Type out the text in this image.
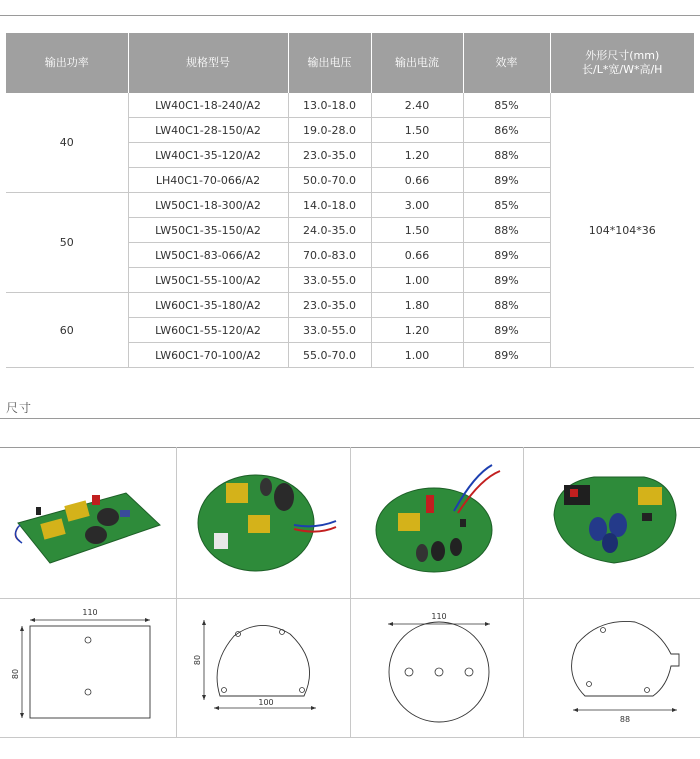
输出功率	规格型号	输出电压	输出电流	效率	外形尺寸(mm)
长/L*宽/W*高/H
40	LW40C1-18-240/A2	13.0-18.0	2.40	85%	104*104*36
	LW40C1-28-150/A2	19.0-28.0	1.50	86%	
	LW40C1-35-120/A2	23.0-35.0	1.20	88%	
	LH40C1-70-066/A2	50.0-70.0	0.66	89%	
50	LW50C1-18-300/A2	14.0-18.0	3.00	85%	
	LW50C1-35-150/A2	24.0-35.0	1.50	88%	
	LW50C1-83-066/A2	70.0-83.0	0.66	89%	
	LW50C1-55-100/A2	33.0-55.0	1.00	89%	
60	LW60C1-35-180/A2	23.0-35.0	1.80	88%	
	LW60C1-55-120/A2	33.0-55.0	1.20	89%	
	LW60C1-70-100/A2	55.0-70.0	1.00	89%	
尺寸
110
80
80
100
110
88
